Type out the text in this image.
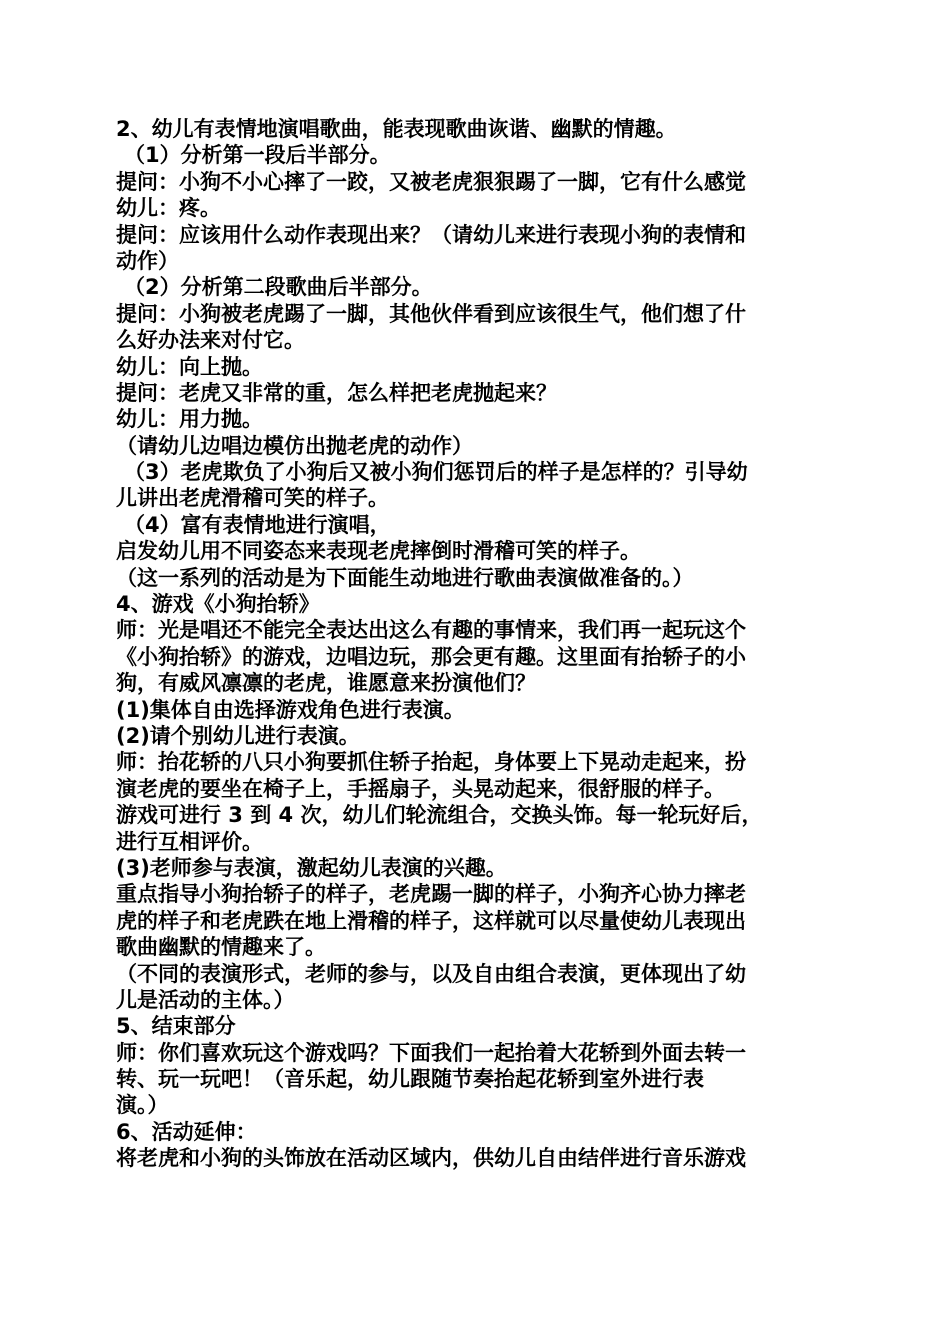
2、幼儿有表情地演唱歌曲，能表现歌曲诙谐、幽默的情趣。
（1）分析第一段后半部分。
提问：小狗不小心摔了一跤，又被老虎狠狠踢了一脚，它有什么感觉
幼儿：疼。
提问：应该用什么动作表现出来？（请幼儿来进行表现小狗的表情和
动作）
（2）分析第二段歌曲后半部分。
提问：小狗被老虎踢了一脚，其他伙伴看到应该很生气，他们想了什
么好办法来对付它。
幼儿：向上抛。
提问：老虎又非常的重，怎么样把老虎抛起来？
幼儿：用力抛。
（请幼儿边唱边模仿出抛老虎的动作）
（3）老虎欺负了小狗后又被小狗们惩罚后的样子是怎样的？引导幼
儿讲出老虎滑稽可笑的样子。
（4）富有表情地进行演唱，
启发幼儿用不同姿态来表现老虎摔倒时滑稽可笑的样子。
（这一系列的活动是为下面能生动地进行歌曲表演做准备的。）
4、游戏《小狗抬轿》
师：光是唱还不能完全表达出这么有趣的事情来，我们再一起玩这个
《小狗抬轿》的游戏，边唱边玩，那会更有趣。这里面有抬轿子的小
狗，有威风凛凛的老虎，谁愿意来扮演他们？
(1)集体自由选择游戏角色进行表演。
(2)请个别幼儿进行表演。
师：抬花轿的八只小狗要抓住轿子抬起，身体要上下晃动走起来，扮
演老虎的要坐在椅子上，手摇扇子，头晃动起来，很舒服的样子。
游戏可进行 3 到 4 次，幼儿们轮流组合，交换头饰。每一轮玩好后，
进行互相评价。
(3)老师参与表演，激起幼儿表演的兴趣。
重点指导小狗抬轿子的样子，老虎踢一脚的样子，小狗齐心协力摔老
虎的样子和老虎跌在地上滑稽的样子，这样就可以尽量使幼儿表现出
歌曲幽默的情趣来了。
（不同的表演形式，老师的参与，以及自由组合表演，更体现出了幼
儿是活动的主体。）
5、结束部分
师：你们喜欢玩这个游戏吗？下面我们一起抬着大花轿到外面去转一
转、玩一玩吧！（音乐起，幼儿跟随节奏抬起花轿到室外进行表
演。）
6、活动延伸：
将老虎和小狗的头饰放在活动区域内，供幼儿自由结伴进行音乐游戏
